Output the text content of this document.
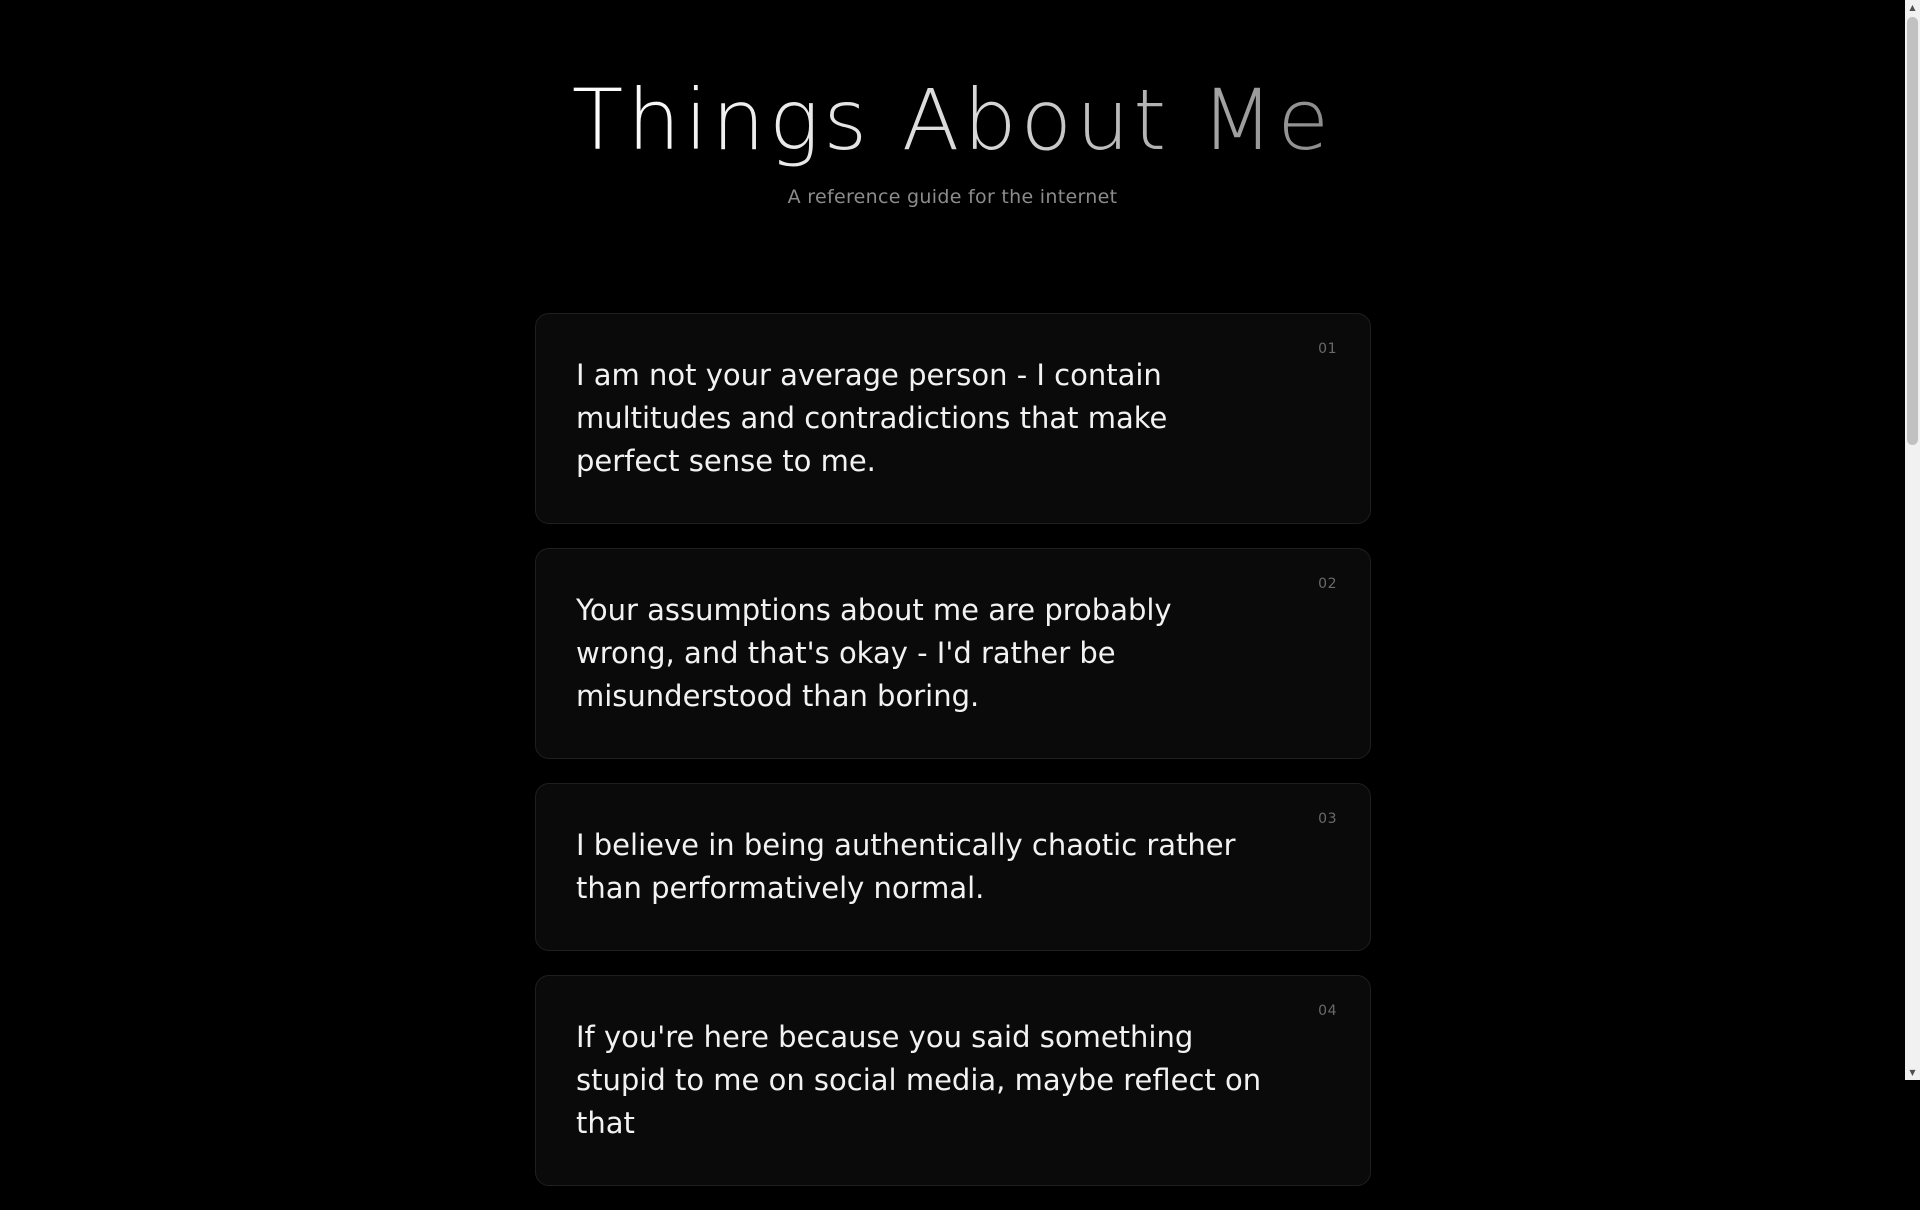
Things About Me

A reference guide for the internet

01

I am not your average person - I contain multitudes and contradictions that make perfect sense to me.

02

Your assumptions about me are probably wrong, and that's okay - I'd rather be misunderstood than boring.

03

I believe in being authentically chaotic rather than performatively normal.

04

If you're here because you said something stupid to me on social media, maybe reflect on that

▲
▼
